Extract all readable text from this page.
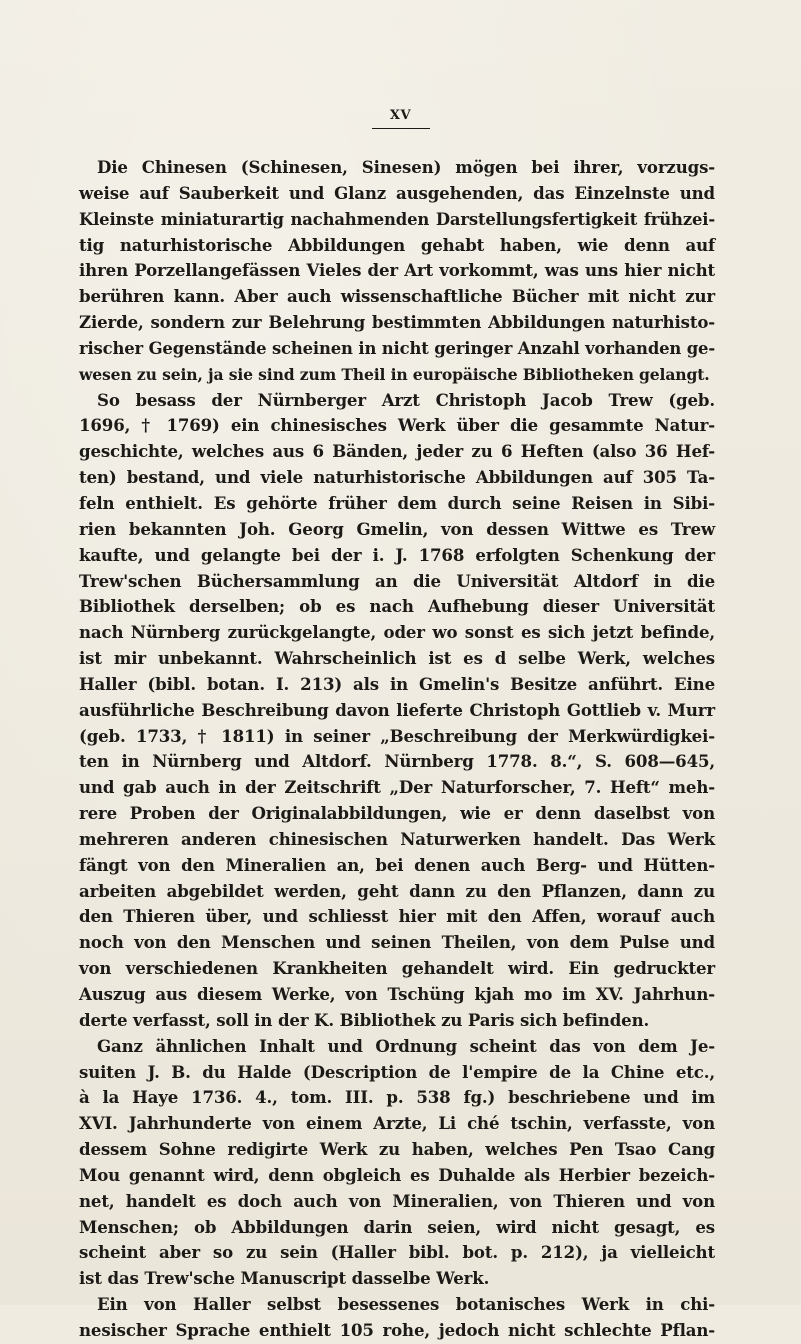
XV
Die Chinesen (Schinesen, Sinesen) mögen bei ihrer, vorzugs-
weise auf Sauberkeit und Glanz ausgehenden, das Einzelnste und
Kleinste miniaturartig nachahmenden Darstellungsfertigkeit frühzei-
tig naturhistorische Abbildungen gehabt haben, wie denn auf
ihren Porzellangefässen Vieles der Art vorkommt, was uns hier nicht
berühren kann. Aber auch wissenschaftliche Bücher mit nicht zur
Zierde, sondern zur Belehrung bestimmten Abbildungen naturhisto-
rischer Gegenstände scheinen in nicht geringer Anzahl vorhanden ge-
wesen zu sein, ja sie sind zum Theil in europäische Bibliotheken gelangt.
So besass der Nürnberger Arzt Christoph Jacob Trew (geb.
1696, † 1769) ein chinesisches Werk über die gesammte Natur-
geschichte, welches aus 6 Bänden, jeder zu 6 Heften (also 36 Hef-
ten) bestand, und viele naturhistorische Abbildungen auf 305 Ta-
feln enthielt. Es gehörte früher dem durch seine Reisen in Sibi-
rien bekannten Joh. Georg Gmelin, von dessen Wittwe es Trew
kaufte, und gelangte bei der i. J. 1768 erfolgten Schenkung der
Trew'schen Büchersammlung an die Universität Altdorf in die
Bibliothek derselben; ob es nach Aufhebung dieser Universität
nach Nürnberg zurückgelangte, oder wo sonst es sich jetzt befinde,
ist mir unbekannt. Wahrscheinlich ist es d selbe Werk, welches
Haller (bibl. botan. I. 213) als in Gmelin's Besitze anführt. Eine
ausführliche Beschreibung davon lieferte Christoph Gottlieb v. Murr
(geb. 1733, † 1811) in seiner „Beschreibung der Merkwürdigkei-
ten in Nürnberg und Altdorf. Nürnberg 1778. 8.“, S. 608—645,
und gab auch in der Zeitschrift „Der Naturforscher, 7. Heft“ meh-
rere Proben der Originalabbildungen, wie er denn daselbst von
mehreren anderen chinesischen Naturwerken handelt. Das Werk
fängt von den Mineralien an, bei denen auch Berg- und Hütten-
arbeiten abgebildet werden, geht dann zu den Pflanzen, dann zu
den Thieren über, und schliesst hier mit den Affen, worauf auch
noch von den Menschen und seinen Theilen, von dem Pulse und
von verschiedenen Krankheiten gehandelt wird. Ein gedruckter
Auszug aus diesem Werke, von Tschüng kjah mo im XV. Jahrhun-
derte verfasst, soll in der K. Bibliothek zu Paris sich befinden.
Ganz ähnlichen Inhalt und Ordnung scheint das von dem Je-
suiten J. B. du Halde (Description de l'empire de la Chine etc.,
à la Haye 1736. 4., tom. III. p. 538 fg.) beschriebene und im
XVI. Jahrhunderte von einem Arzte, Li ché tschin, verfasste, von
dessem Sohne redigirte Werk zu haben, welches Pen Tsao Cang
Mou genannt wird, denn obgleich es Duhalde als Herbier bezeich-
net, handelt es doch auch von Mineralien, von Thieren und von
Menschen; ob Abbildungen darin seien, wird nicht gesagt, es
scheint aber so zu sein (Haller bibl. bot. p. 212), ja vielleicht
ist das Trew'sche Manuscript dasselbe Werk.
Ein von Haller selbst besessenes botanisches Werk in chi-
nesischer Sprache enthielt 105 rohe, jedoch nicht schlechte Pflan-
